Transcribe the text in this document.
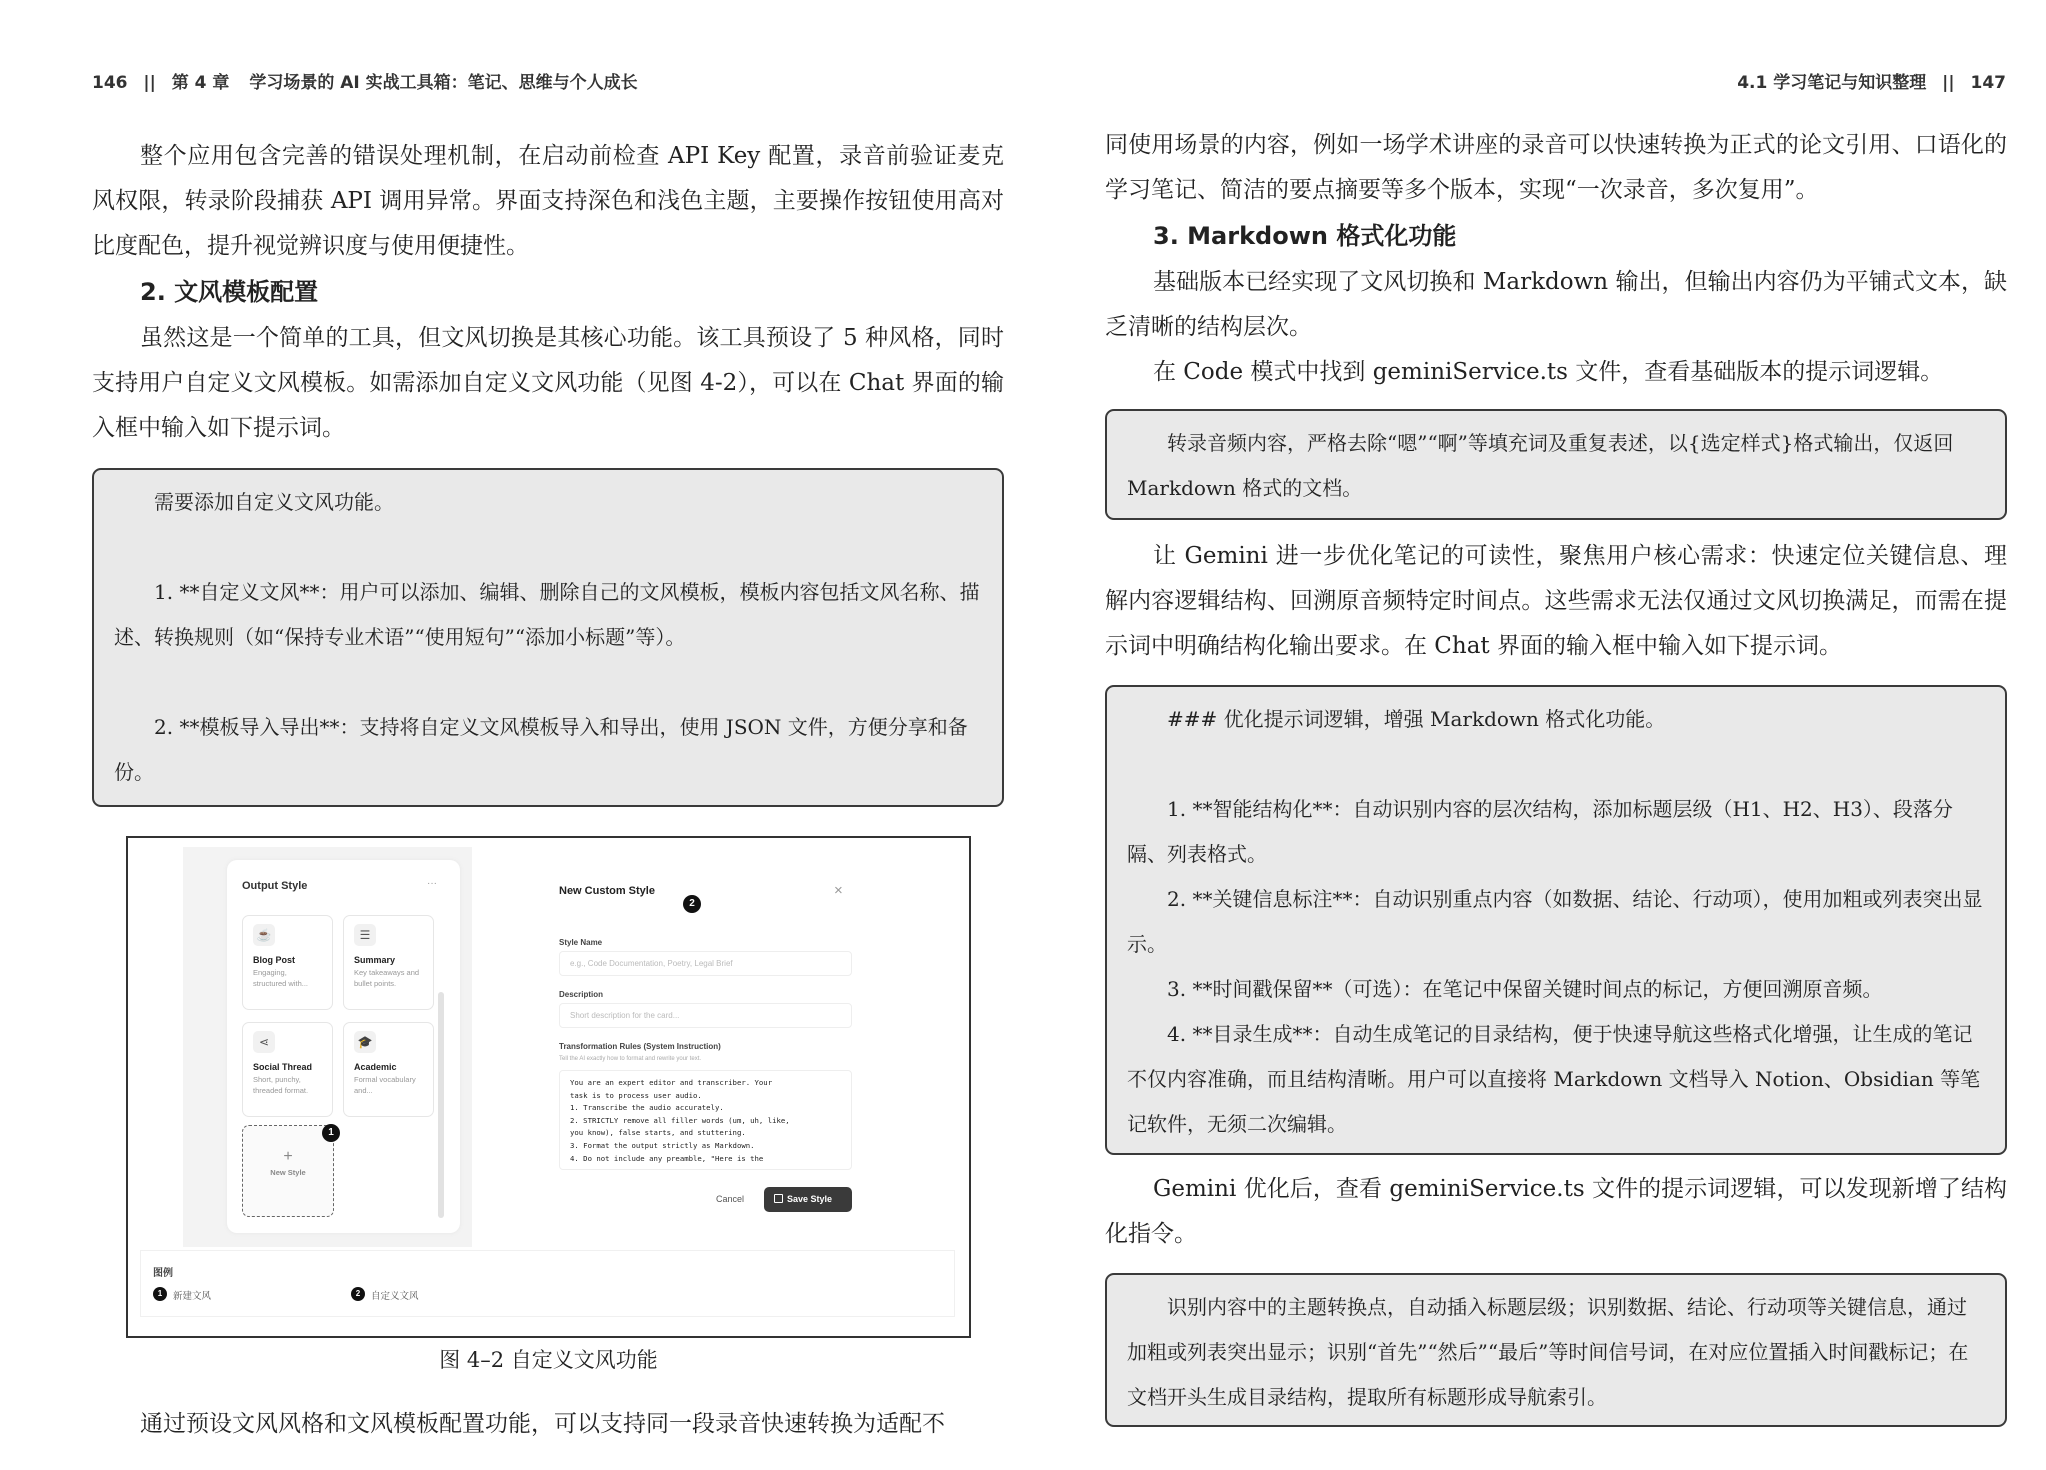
146 || 第 4 章 学习场景的 AI 实战工具箱：笔记、思维与个人成长

整个应用包含完善的错误处理机制，在启动前检查 API Key 配置，录音前验证麦克风权限，转录阶段捕获 API 调用异常。界面支持深色和浅色主题，主要操作按钮使用高对比度配色，提升视觉辨识度与使用便捷性。

2. 文风模板配置

虽然这是一个简单的工具，但文风切换是其核心功能。该工具预设了 5 种风格，同时支持用户自定义文风模板。如需添加自定义文风功能（见图 4-2），可以在 Chat 界面的输入框中输入如下提示词。

需要添加自定义文风功能。

1. **自定义文风**：用户可以添加、编辑、删除自己的文风模板，模板内容包括文风名称、描述、转换规则（如“保持专业术语”“使用短句”“添加小标题”等）。

2. **模板导入导出**：支持将自定义文风模板导入和导出，使用 JSON 文件，方便分享和备份。

Output Style	···
☕
Blog Post
Engaging, structured with...
☰
Summary
Key takeaways and bullet points.
⋖
Social Thread
Short, punchy, threaded format.
🎓
Academic
Formal vocabulary and...
+
New Style
1
New Custom Style
2
×
Style Name
e.g., Code Documentation, Poetry, Legal Brief
Description
Short description for the card...
Transformation Rules (System Instruction)
Tell the AI exactly how to format and rewrite your text.
You are an expert editor and transcriber. Your
task is to process user audio.
1. Transcribe the audio accurately.
2. STRICTLY remove all filler words (um, uh, like,
you know), false starts, and stuttering.
3. Format the output strictly as Markdown.
4. Do not include any preamble, "Here is the
Cancel	Save Style
图例
1	新建文风	2	自定义文风
图 4–2 自定义文风功能

通过预设文风风格和文风模板配置功能，可以支持同一段录音快速转换为适配不

4.1 学习笔记与知识整理 || 147

同使用场景的内容，例如一场学术讲座的录音可以快速转换为正式的论文引用、口语化的学习笔记、简洁的要点摘要等多个版本，实现“一次录音，多次复用”。

3. Markdown 格式化功能

基础版本已经实现了文风切换和 Markdown 输出，但输出内容仍为平铺式文本，缺乏清晰的结构层次。

在 Code 模式中找到 geminiService.ts 文件，查看基础版本的提示词逻辑。

转录音频内容，严格去除“嗯”“啊”等填充词及重复表述，以{选定样式}格式输出，仅返回 Markdown 格式的文档。

让 Gemini 进一步优化笔记的可读性，聚焦用户核心需求：快速定位关键信息、理解内容逻辑结构、回溯原音频特定时间点。这些需求无法仅通过文风切换满足，而需在提示词中明确结构化输出要求。在 Chat 界面的输入框中输入如下提示词。

### 优化提示词逻辑，增强 Markdown 格式化功能。

1. **智能结构化**：自动识别内容的层次结构，添加标题层级（H1、H2、H3）、段落分隔、列表格式。

2. **关键信息标注**：自动识别重点内容（如数据、结论、行动项），使用加粗或列表突出显示。

3. **时间戳保留**（可选）：在笔记中保留关键时间点的标记，方便回溯原音频。

4. **目录生成**：自动生成笔记的目录结构，便于快速导航这些格式化增强，让生成的笔记不仅内容准确，而且结构清晰。用户可以直接将 Markdown 文档导入 Notion、Obsidian 等笔记软件，无须二次编辑。

Gemini 优化后，查看 geminiService.ts 文件的提示词逻辑，可以发现新增了结构化指令。

识别内容中的主题转换点，自动插入标题层级；识别数据、结论、行动项等关键信息，通过加粗或列表突出显示；识别“首先”“然后”“最后”等时间信号词，在对应位置插入时间戳标记；在文档开头生成目录结构，提取所有标题形成导航索引。
